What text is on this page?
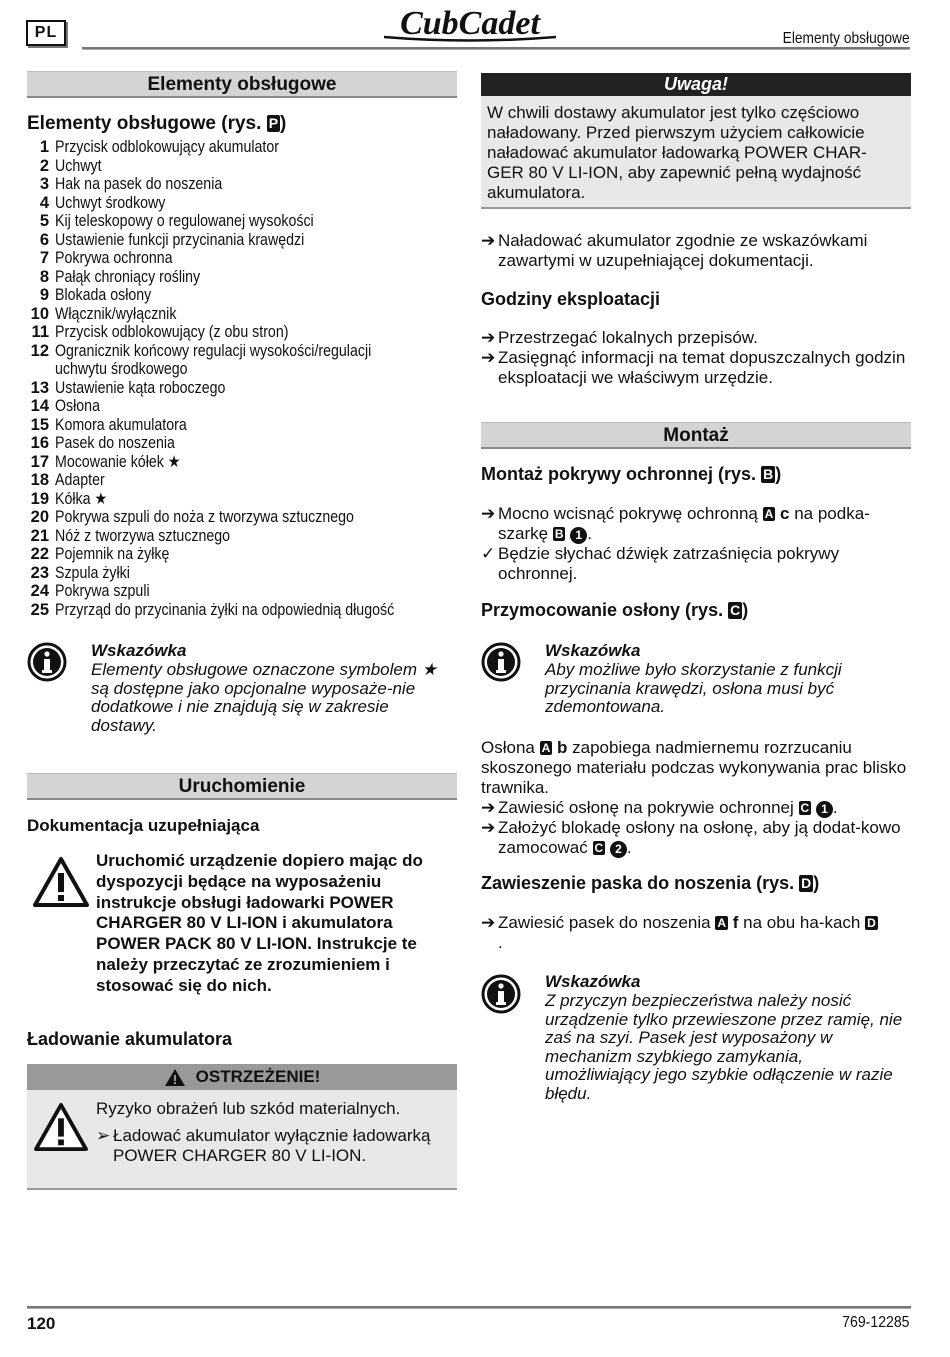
PL	CubCadet	Elementy obsługowe
Elementy obsługowe
Elementy obsługowe (rys. P )
1 Przycisk odblokowujący akumulator
2 Uchwyt
3 Hak na pasek do noszenia
4 Uchwyt środkowy
5 Kij teleskopowy o regulowanej wysokości
6 Ustawienie funkcji przycinania krawędzi
7 Pokrywa ochronna
8 Pałąk chroniący rośliny
9 Blokada osłony
10 Włącznik/wyłącznik
11 Przycisk odblokowujący (z obu stron)
12 Ogranicznik końcowy regulacji wysokości/regulacji uchwytu środkowego
13 Ustawienie kąta roboczego
14 Osłona
15 Komora akumulatora
16 Pasek do noszenia
17 Mocowanie kółek ★
18 Adapter
19 Kółka ★
20 Pokrywa szpuli do noża z tworzywa sztucznego
21 Nóż z tworzywa sztucznego
22 Pojemnik na żyłkę
23 Szpula żyłki
24 Pokrywa szpuli
25 Przyrząd do przycinania żyłki na odpowiednią długość
Wskazówka
Elementy obsługowe oznaczone symbolem ★ są dostępne jako opcjonalne wyposaże-nie dodatkowe i nie znajdują się w zakresie dostawy.
Uruchomienie
Dokumentacja uzupełniająca
Uruchomić urządzenie dopiero mając do dyspozycji będące na wyposażeniu instrukcje obsługi ładowarki POWER CHARGER 80 V LI-ION i akumulatora POWER PACK 80 V LI-ION. Instrukcje te należy przeczytać ze zrozumieniem i stosować się do nich.
Ładowanie akumulatora
OSTRZEŻENIE!
Ryzyko obrażeń lub szkód materialnych.
➢ Ładować akumulator wyłącznie ładowarką POWER CHARGER 80 V LI-ION.
Uwaga!
W chwili dostawy akumulator jest tylko częściowo naładowany. Przed pierwszym użyciem całkowicie naładować akumulator ładowarką POWER CHAR-GER 80 V LI-ION, aby zapewnić pełną wydajność akumulatora.
➔ Naładować akumulator zgodnie ze wskazówkami zawartymi w uzupełniającej dokumentacji.
Godziny eksploatacji
➔ Przestrzegać lokalnych przepisów.
➔ Zasięgnąć informacji na temat dopuszczalnych godzin eksploatacji we właściwym urzędzie.
Montaż
Montaż pokrywy ochronnej (rys. B )
➔ Mocno wcisnąć pokrywę ochronną A c na podka-szarkę B 1 .
✓ Będzie słychać dźwięk zatrzaśnięcia pokrywy ochronnej.
Przymocowanie osłony (rys. C )
Wskazówka
Aby możliwe było skorzystanie z funkcji przycinania krawędzi, osłona musi być zdemontowana.
Osłona A b zapobiega nadmiernemu rozrzucaniu skoszonego materiału podczas wykonywania prac blisko trawnika.
➔ Zawiesić osłonę na pokrywie ochronnej C 1 .
➔ Założyć blokadę osłony na osłonę, aby ją dodat-kowo zamocować C 2 .
Zawieszenie paska do noszenia (rys. D )
➔ Zawiesić pasek do noszenia A f na obu ha-kach D.
Wskazówka
Z przyczyn bezpieczeństwa należy nosić urządzenie tylko przewieszone przez ramię, nie zaś na szyi. Pasek jest wyposażony w mechanizm szybkiego zamykania, umożliwiający jego szybkie odłączenie w razie błędu.
120	769-12285
